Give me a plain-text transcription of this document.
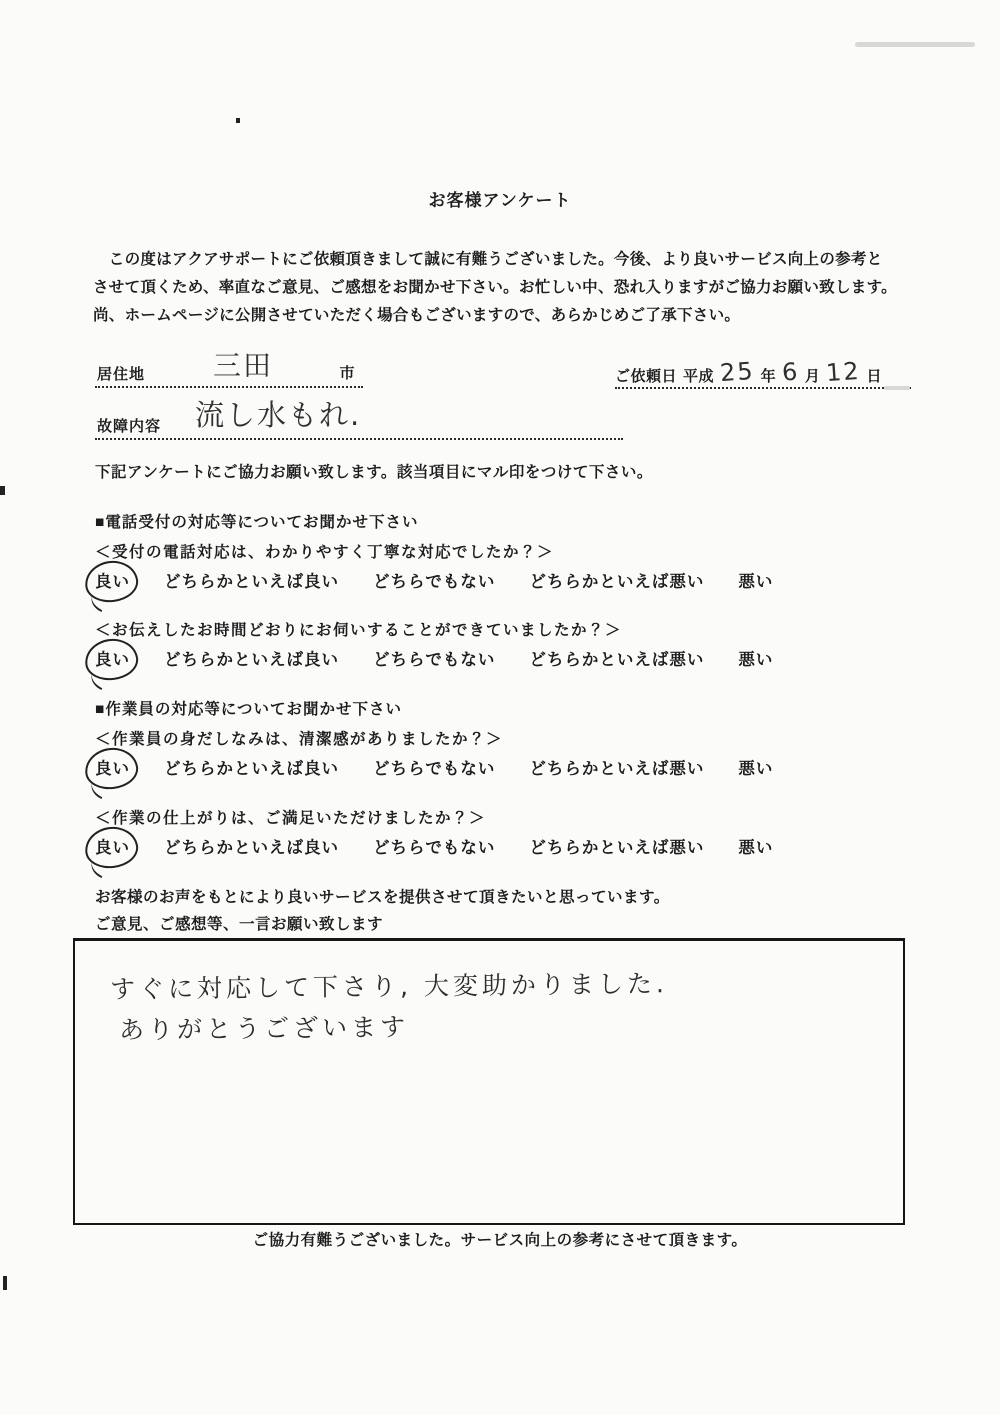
お客様アンケート
　この度はアクアサポートにご依頼頂きまして誠に有難うございました。今後、より良いサービス向上の参考と
させて頂くため、率直なご意見、ご感想をお聞かせ下さい。お忙しい中、恐れ入りますがご協力お願い致します。
尚、ホームページに公開させていただく場合もございますので、あらかじめご了承下さい。
居住地 三田	市	ご依頼日 平成 25 年 6 月 12 日
故障内容 流し水もれ.
下記アンケートにご協力お願い致します。該当項目にマル印をつけて下さい。
■電話受付の対応等についてお聞かせ下さい
＜受付の電話対応は、わかりやすく丁寧な対応でしたか？＞
良い どちらかといえば良い どちらでもない どちらかといえば悪い 悪い
＜お伝えしたお時間どおりにお伺いすることができていましたか？＞
良い どちらかといえば良い どちらでもない どちらかといえば悪い 悪い
■作業員の対応等についてお聞かせ下さい
＜作業員の身だしなみは、清潔感がありましたか？＞
良い どちらかといえば良い どちらでもない どちらかといえば悪い 悪い
＜作業の仕上がりは、ご満足いただけましたか？＞
良い どちらかといえば良い どちらでもない どちらかといえば悪い 悪い
お客様のお声をもとにより良いサービスを提供させて頂きたいと思っています。
ご意見、ご感想等、一言お願い致します
すぐに対応して下さり, 大変助かりました.
ありがとうございます
ご協力有難うございました。サービス向上の参考にさせて頂きます。
